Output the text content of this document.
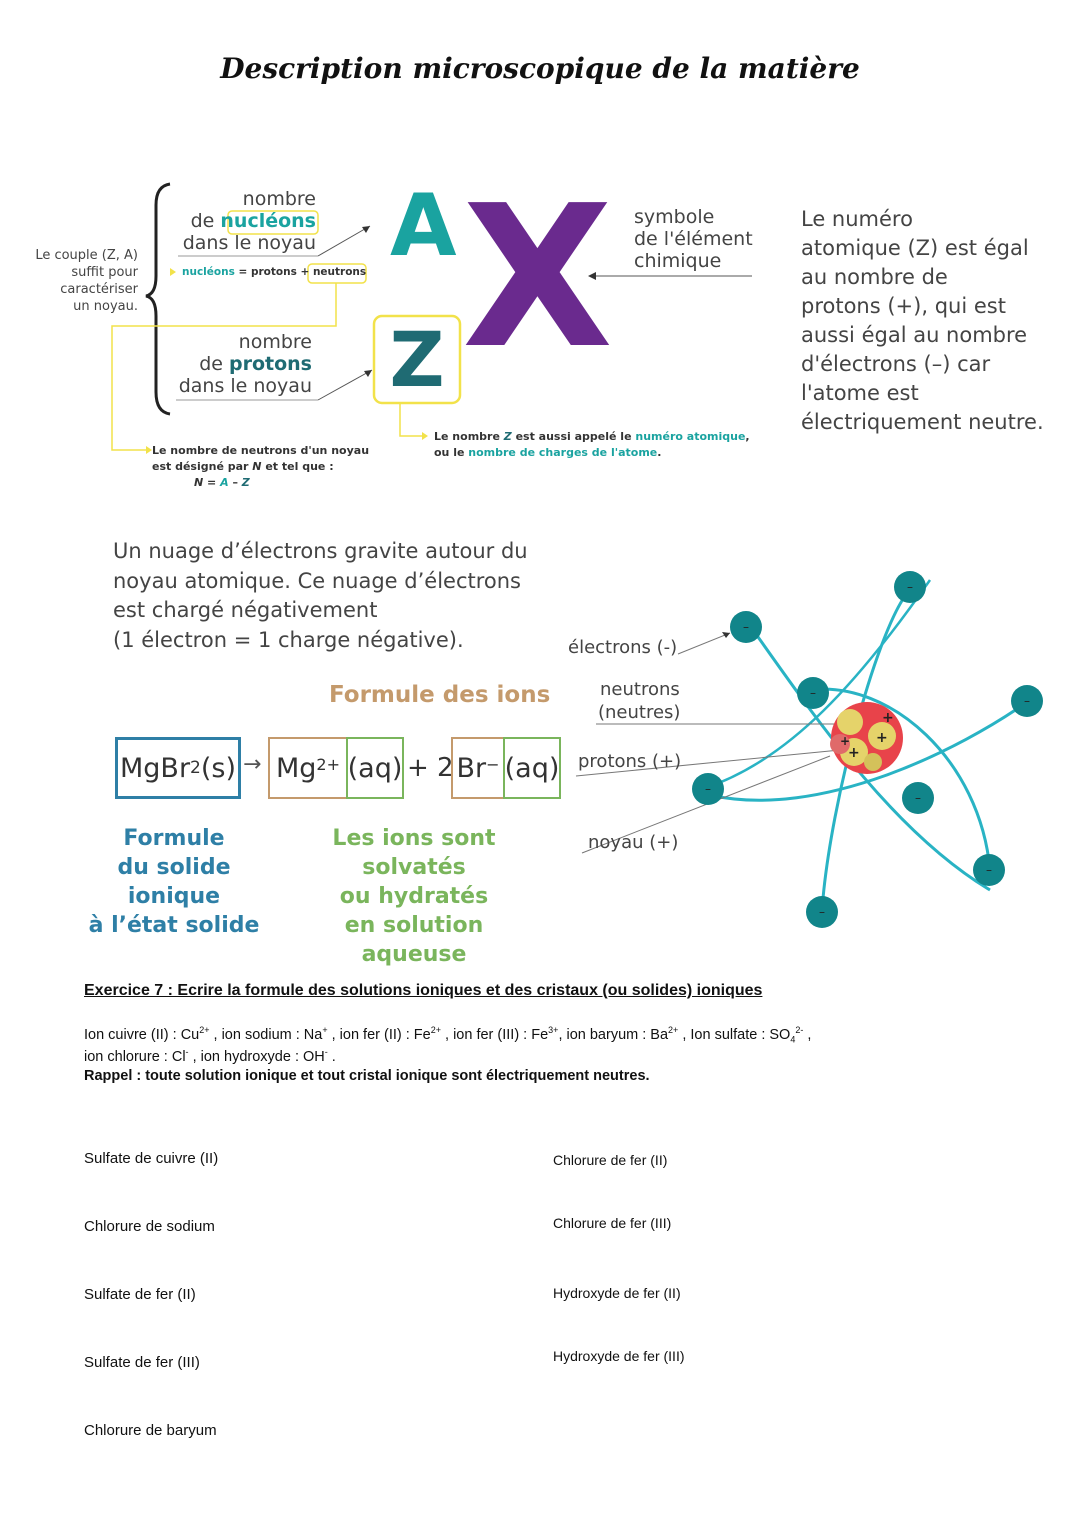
Description microscopique de la matière
Le couple (Z, A)
suffit pour
caractériser
un noyau.
nombre
de nucléons
dans le noyau
nucléons = protons + neutrons
nombre
de protons
dans le noyau
Le nombre de neutrons d'un noyau
est désigné par N et tel que :
N = A – Z
A X
Z
symbole
de l'élément
chimique
Le nombre Z est aussi appelé le numéro atomique,
ou le nombre de charges de l'atome.
Le numéro
atomique (Z) est égal
au nombre de
protons (+), qui est
aussi égal au nombre
d'électrons (–) car
l'atome est
électriquement neutre.
Un nuage d’électrons gravite autour du
noyau atomique. Ce nuage d’électrons
est chargé négativement
(1 électron = 1 charge négative).
Formule des ions
MgBr 2 $(s) \to Mg^{2+}$ (aq) + 2 Br− (aq)
Formule
du solide ionique
à l’état solide
Les ions sont solvatés
ou hydratés
en solution aqueuse
+
+
+
+
–
–
–
–
–
–
–
–
électrons (-)
neutrons
(neutres)
protons (+)
noyau (+)
Exercice 7 : Ecrire la formule des solutions ioniques et des cristaux (ou solides) ioniques
Ion cuivre (II) : $Cu^{2+}$ , ion sodium : Na+ , ion fer (II) : $Fe^{2+}$ , ion fer (III) : $Fe^{3+}$, ion baryum : $Ba^{2+}$ , Ion sulfate : $SO_4^{2-}$ ,
ion chlorure : Cl- , ion hydroxyde : OH- .
Rappel : toute solution ionique et tout cristal ionique sont électriquement neutres.
Sulfate de cuivre (II)
Chlorure de sodium
Sulfate de fer (II)
Sulfate de fer (III)
Chlorure de baryum
Chlorure de fer (II)
Chlorure de fer (III)
Hydroxyde de fer (II)
Hydroxyde de fer (III)
